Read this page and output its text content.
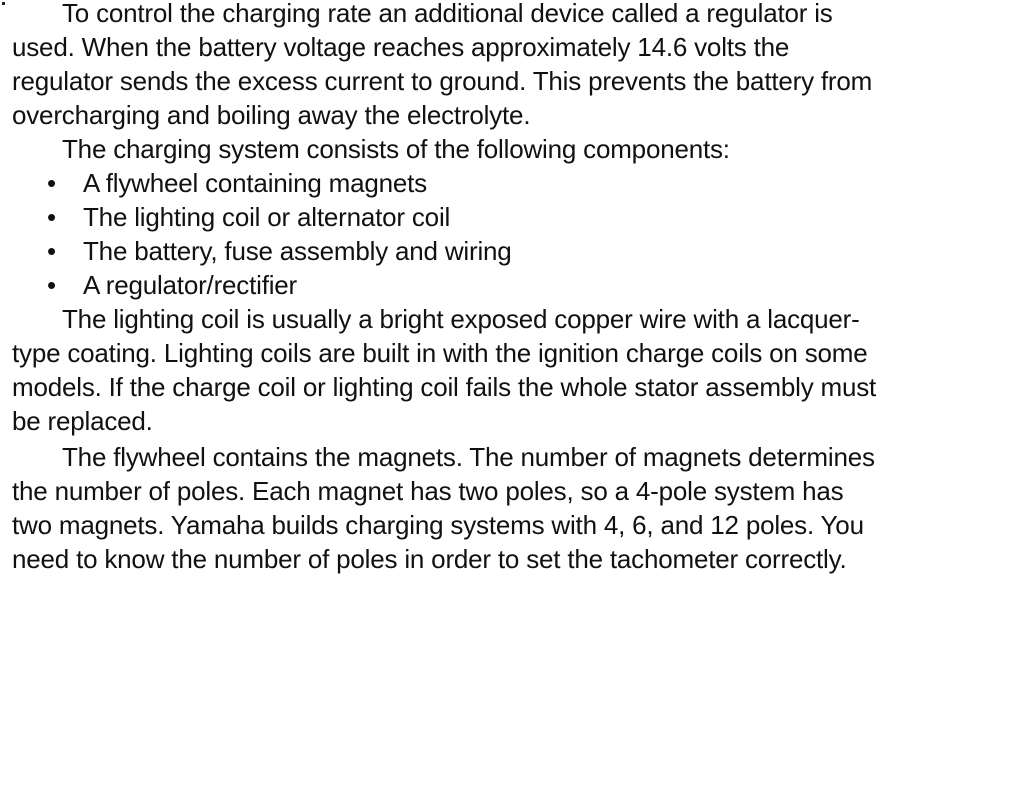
To control the charging rate an additional device called a regulator is
used. When the battery voltage reaches approximately 14.6 volts the
regulator sends the excess current to ground. This prevents the battery from
overcharging and boiling away the electrolyte.
The charging system consists of the following components:
• A flywheel containing magnets
• The lighting coil or alternator coil
• The battery, fuse assembly and wiring
• A regulator/rectifier
The lighting coil is usually a bright exposed copper wire with a lacquer-
type coating. Lighting coils are built in with the ignition charge coils on some
models. If the charge coil or lighting coil fails the whole stator assembly must
be replaced.
The flywheel contains the magnets. The number of magnets determines
the number of poles. Each magnet has two poles, so a 4-pole system has
two magnets. Yamaha builds charging systems with 4, 6, and 12 poles. You
need to know the number of poles in order to set the tachometer correctly.
